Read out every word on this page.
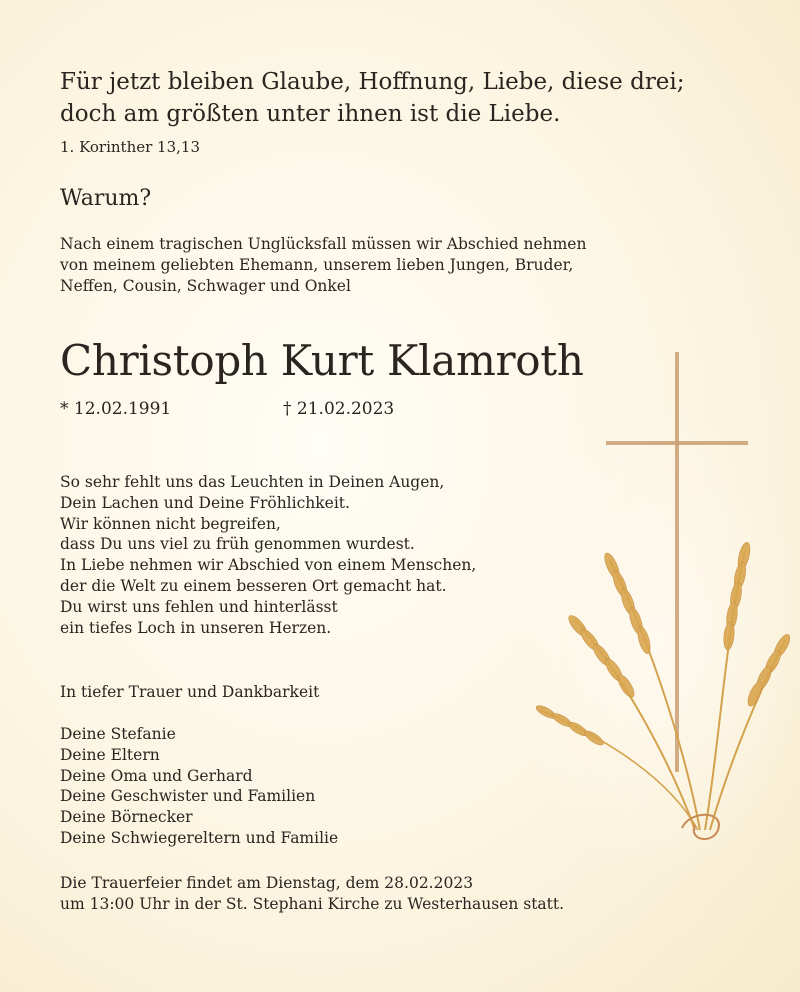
Für jetzt bleiben Glaube, Hoffnung, Liebe, diese drei;
doch am größten unter ihnen ist die Liebe.
1. Korinther 13,13
Warum?
Nach einem tragischen Unglücksfall müssen wir Abschied nehmen
von meinem geliebten Ehemann, unserem lieben Jungen, Bruder,
Neffen, Cousin, Schwager und Onkel
Christoph Kurt Klamroth
* 12.02.1991	† 21.02.2023
So sehr fehlt uns das Leuchten in Deinen Augen,
Dein Lachen und Deine Fröhlichkeit.
Wir können nicht begreifen,
dass Du uns viel zu früh genommen wurdest.
In Liebe nehmen wir Abschied von einem Menschen,
der die Welt zu einem besseren Ort gemacht hat.
Du wirst uns fehlen und hinterlässt
ein tiefes Loch in unseren Herzen.
In tiefer Trauer und Dankbarkeit
Deine Stefanie
Deine Eltern
Deine Oma und Gerhard
Deine Geschwister und Familien
Deine Börnecker
Deine Schwiegereltern und Familie
Die Trauerfeier findet am Dienstag, dem 28.02.2023
um 13:00 Uhr in der St. Stephani Kirche zu Westerhausen statt.
